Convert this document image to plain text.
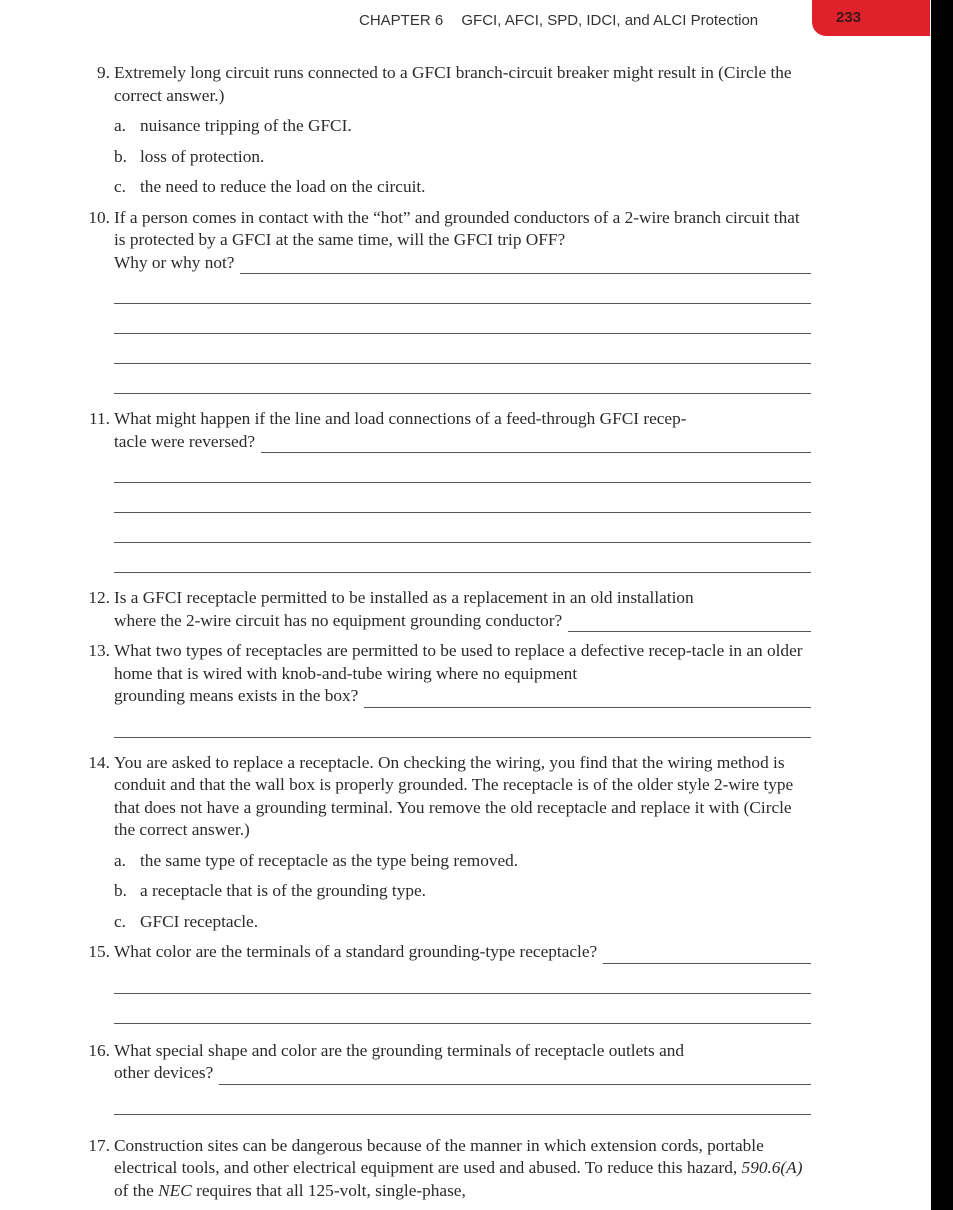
233
CHAPTER 6 GFCI, AFCI, SPD, IDCI, and ALCI Protection
9. Extremely long circuit runs connected to a GFCI branch-circuit breaker might result in (Circle the correct answer.)
a. nuisance tripping of the GFCI.
b. loss of protection.
c. the need to reduce the load on the circuit.
10. If a person comes in contact with the “hot” and grounded conductors of a 2-wire branch circuit that is protected by a GFCI at the same time, will the GFCI trip OFF?
Why or why not?
11. What might happen if the line and load connections of a feed-through GFCI recep-
tacle were reversed?
12. Is a GFCI receptacle permitted to be installed as a replacement in an old installation
where the 2-wire circuit has no equipment grounding conductor?
13. What two types of receptacles are permitted to be used to replace a defective recep-tacle in an older home that is wired with knob-and-tube wiring where no equipment
grounding means exists in the box?
14. You are asked to replace a receptacle. On checking the wiring, you find that the wiring method is conduit and that the wall box is properly grounded. The receptacle is of the older style 2-wire type that does not have a grounding terminal. You remove the old receptacle and replace it with (Circle the correct answer.)
a. the same type of receptacle as the type being removed.
b. a receptacle that is of the grounding type.
c. GFCI receptacle.
15. What color are the terminals of a standard grounding-type receptacle?
16. What special shape and color are the grounding terminals of receptacle outlets and
other devices?
17. Construction sites can be dangerous because of the manner in which extension cords, portable electrical tools, and other electrical equipment are used and abused. To reduce this hazard, 590.6(A) of the NEC requires that all 125-volt, single-phase,
